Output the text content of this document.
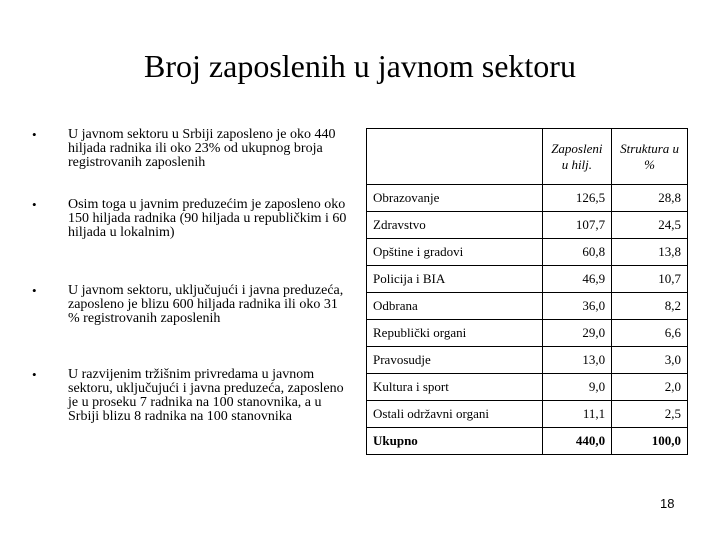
Broj zaposlenih u javnom sektoru
•	U javnom sektoru u Srbiji zaposleno je oko 440 hiljada radnika ili oko 23% od ukupnog broja registrovanih zaposlenih
•	Osim toga u javnim preduzećim je zaposleno oko 150 hiljada radnika (90 hiljada u republičkim i 60 hiljada u lokalnim)
•	U javnom sektoru, uključujući i javna preduzeća, zaposleno je blizu 600 hiljada radnika ili oko 31 % registrovanih zaposlenih
•	U razvijenim tržišnim privredama u javnom sektoru, uključujući i javna preduzeća, zaposleno je u proseku 7 radnika na 100 stanovnika, a u Srbiji blizu 8 radnika na 100 stanovnika
	Zaposleni u hilj.	Struktura u %
Obrazovanje	126,5	28,8
Zdravstvo	107,7	24,5
Opštine i gradovi	60,8	13,8
Policija i BIA	46,9	10,7
Odbrana	36,0	8,2
Republički organi	29,0	6,6
Pravosudje	13,0	3,0
Kultura i sport	9,0	2,0
Ostali održavni organi	11,1	2,5
Ukupno	440,0	100,0
18
